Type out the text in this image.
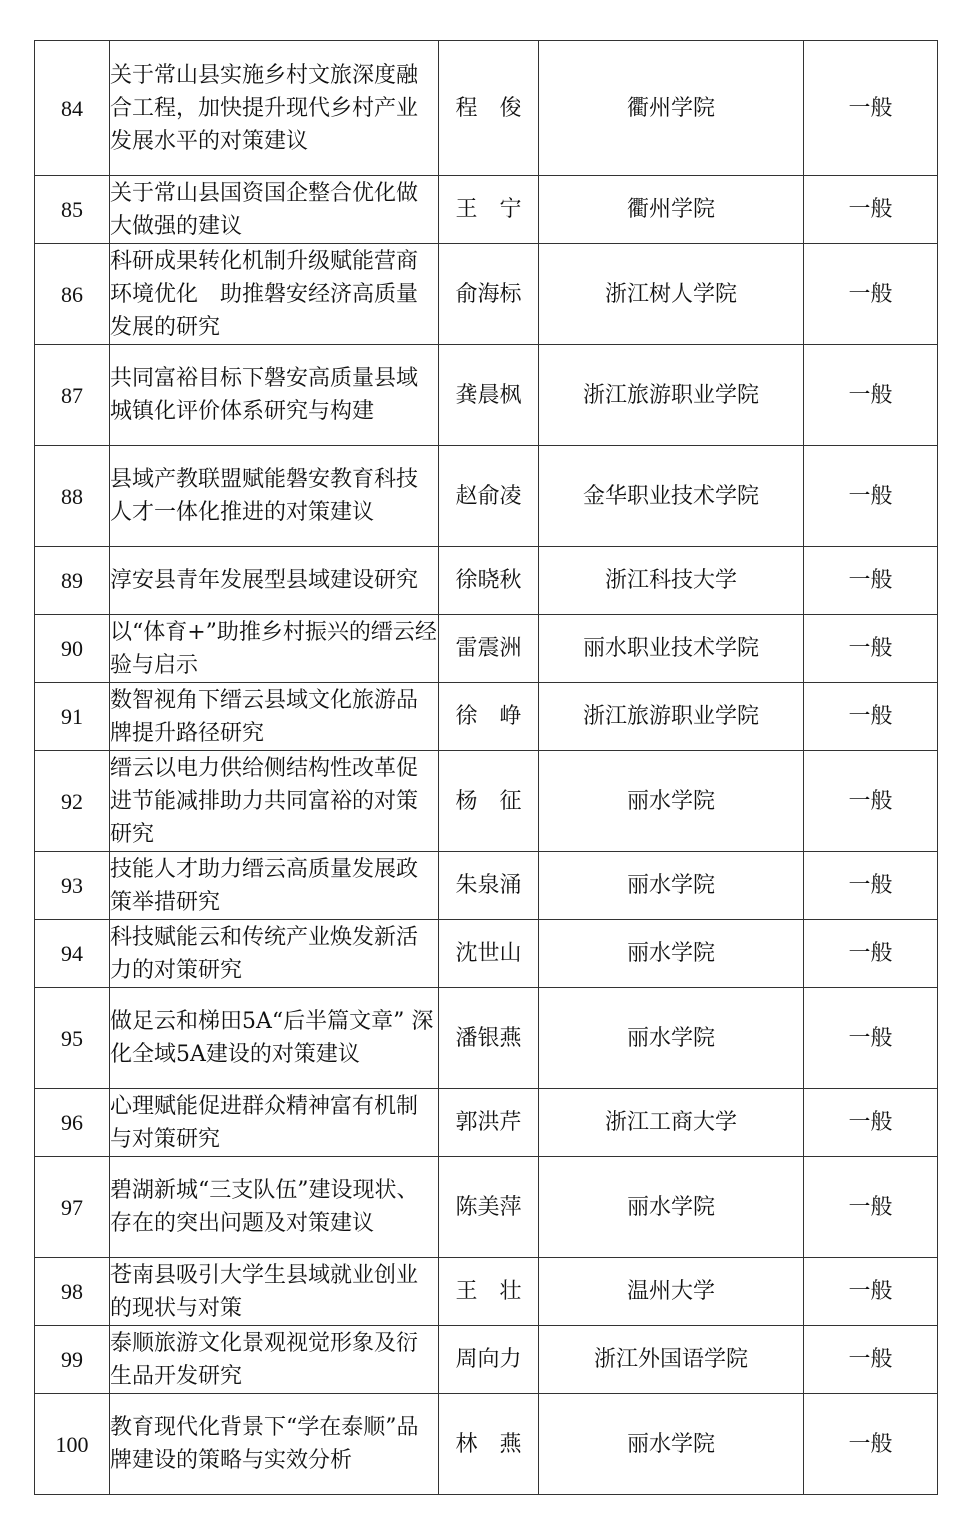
84	关于常山县实施乡村文旅深度融合工程，加快提升现代乡村产业发展水平的对策建议	程　俊	衢州学院	一般
85	关于常山县国资国企整合优化做大做强的建议	王　宁	衢州学院	一般
86	科研成果转化机制升级赋能营商环境优化　助推磐安经济高质量发展的研究	俞海标	浙江树人学院	一般
87	共同富裕目标下磐安高质量县域城镇化评价体系研究与构建	龚晨枫	浙江旅游职业学院	一般
88	县域产教联盟赋能磐安教育科技人才一体化推进的对策建议	赵俞凌	金华职业技术学院	一般
89	淳安县青年发展型县域建设研究	徐晓秋	浙江科技大学	一般
90	以“体育+”助推乡村振兴的缙云经验与启示	雷震洲	丽水职业技术学院	一般
91	数智视角下缙云县域文化旅游品牌提升路径研究	徐　峥	浙江旅游职业学院	一般
92	缙云以电力供给侧结构性改革促进节能减排助力共同富裕的对策研究	杨　征	丽水学院	一般
93	技能人才助力缙云高质量发展政策举措研究	朱泉涌	丽水学院	一般
94	科技赋能云和传统产业焕发新活力的对策研究	沈世山	丽水学院	一般
95	做足云和梯田5A“后半篇文章” 深化全域5A建设的对策建议	潘银燕	丽水学院	一般
96	心理赋能促进群众精神富有机制与对策研究	郭洪芹	浙江工商大学	一般
97	碧湖新城“三支队伍”建设现状、存在的突出问题及对策建议	陈美萍	丽水学院	一般
98	苍南县吸引大学生县域就业创业的现状与对策	王　壮	温州大学	一般
99	泰顺旅游文化景观视觉形象及衍生品开发研究	周向力	浙江外国语学院	一般
100	教育现代化背景下“学在泰顺”品牌建设的策略与实效分析	林　燕	丽水学院	一般
